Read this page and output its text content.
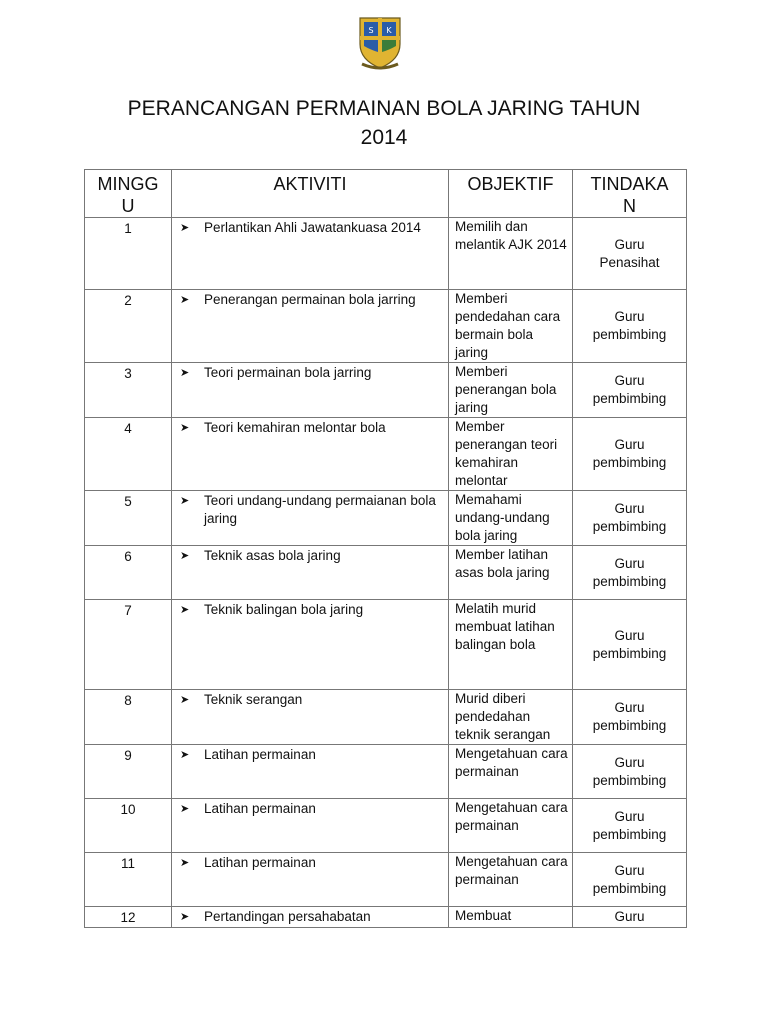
S K
PERANCANGAN PERMAINAN BOLA JARING TAHUN
2014
MINGG
U	AKTIVITI	OBJEKTIF	TINDAKA
N
1	➤ Perlantikan Ahli Jawatankuasa 2014	Memilih dan melantik AJK 2014	Guru
Penasihat

2	➤ Penerangan permainan bola jarring	Memberi pendedahan cara bermain bola jaring	Guru
pembimbing

3	➤ Teori permainan bola jarring	Memberi penerangan bola jaring	Guru
pembimbing

4	➤ Teori kemahiran melontar bola	Member penerangan teori kemahiran melontar	Guru
pembimbing

5	➤ Teori undang-undang permaianan bola jaring	Memahami undang-undang bola jaring	Guru
pembimbing

6	➤ Teknik asas bola jaring	Member latihan asas bola jaring	Guru
pembimbing

7	➤ Teknik balingan bola jaring	Melatih murid membuat latihan balingan bola	Guru
pembimbing

8	➤ Teknik serangan	Murid diberi pendedahan teknik serangan	Guru
pembimbing

9	➤ Latihan permainan	Mengetahuan cara permainan	Guru
pembimbing

10	➤ Latihan permainan	Mengetahuan cara permainan	Guru
pembimbing

11	➤ Latihan permainan	Mengetahuan cara permainan	Guru
pembimbing

12	➤ Pertandingan persahabatan	Membuat	Guru
